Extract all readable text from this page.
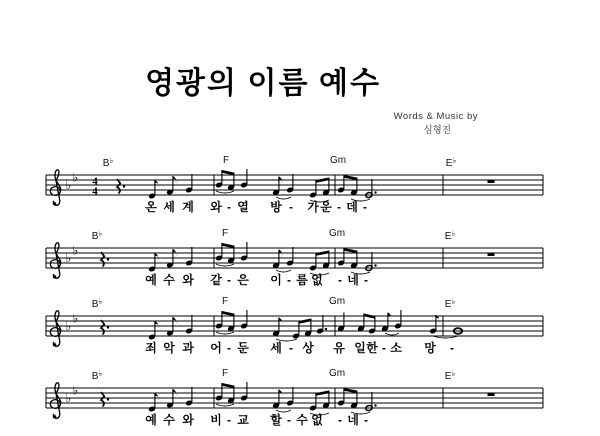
영광의 이름 예수
Words & Music by
심형진
♭
♭ 4
4
♭
♭
♭
♭
♭
♭
B♭	F	Gm	E♭
온 세 계 와 - 열 방 - 가 운 - 데 -
B♭	F	Gm	E♭
예 수 와 같 - 은 이 - 름 없 - 네 -
B♭	F	Gm	E♭
죄 악 과 어 - 둔 세 - 상 유 일 한 - 소 망 -
B♭	F	Gm	E♭
예 수 와 비 - 교 할 - 수 없 - 네 -
